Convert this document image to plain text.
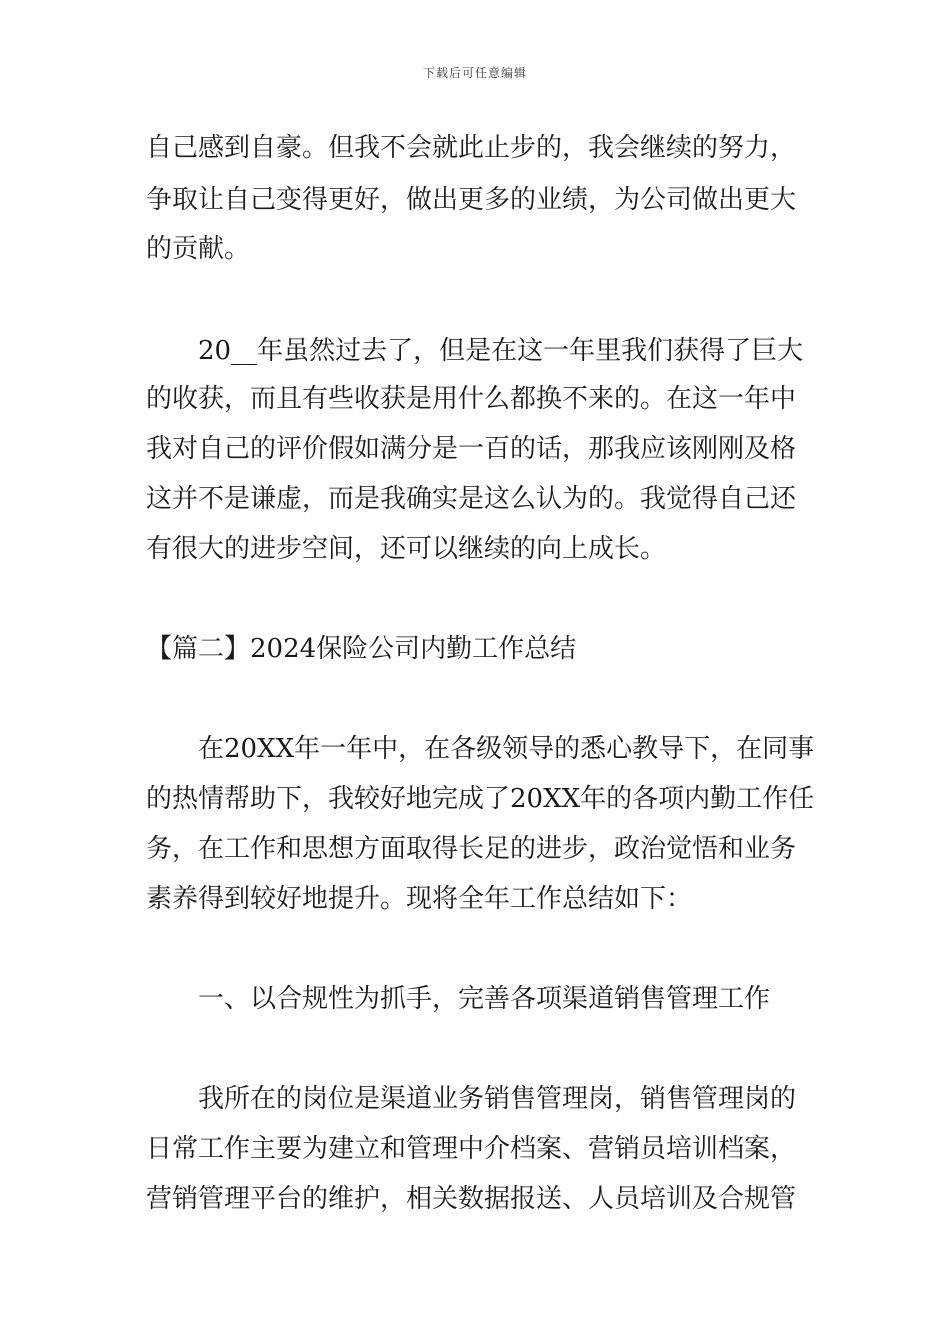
下载后可任意编辑
自己感到自豪。但我不会就此止步的，我会继续的努力，
争取让自己变得更好，做出更多的业绩，为公司做出更大
的贡献。
20__年虽然过去了，但是在这一年里我们获得了巨大
的收获，而且有些收获是用什么都换不来的。在这一年中
我对自己的评价假如满分是一百的话，那我应该刚刚及格
这并不是谦虚，而是我确实是这么认为的。我觉得自己还
有很大的进步空间，还可以继续的向上成长。
【篇二】2024保险公司内勤工作总结
在20XX年一年中，在各级领导的悉心教导下，在同事
的热情帮助下，我较好地完成了20XX年的各项内勤工作任
务，在工作和思想方面取得长足的进步，政治觉悟和业务
素养得到较好地提升。现将全年工作总结如下：
一、以合规性为抓手，完善各项渠道销售管理工作
我所在的岗位是渠道业务销售管理岗，销售管理岗的
日常工作主要为建立和管理中介档案、营销员培训档案，
营销管理平台的维护，相关数据报送、人员培训及合规管
